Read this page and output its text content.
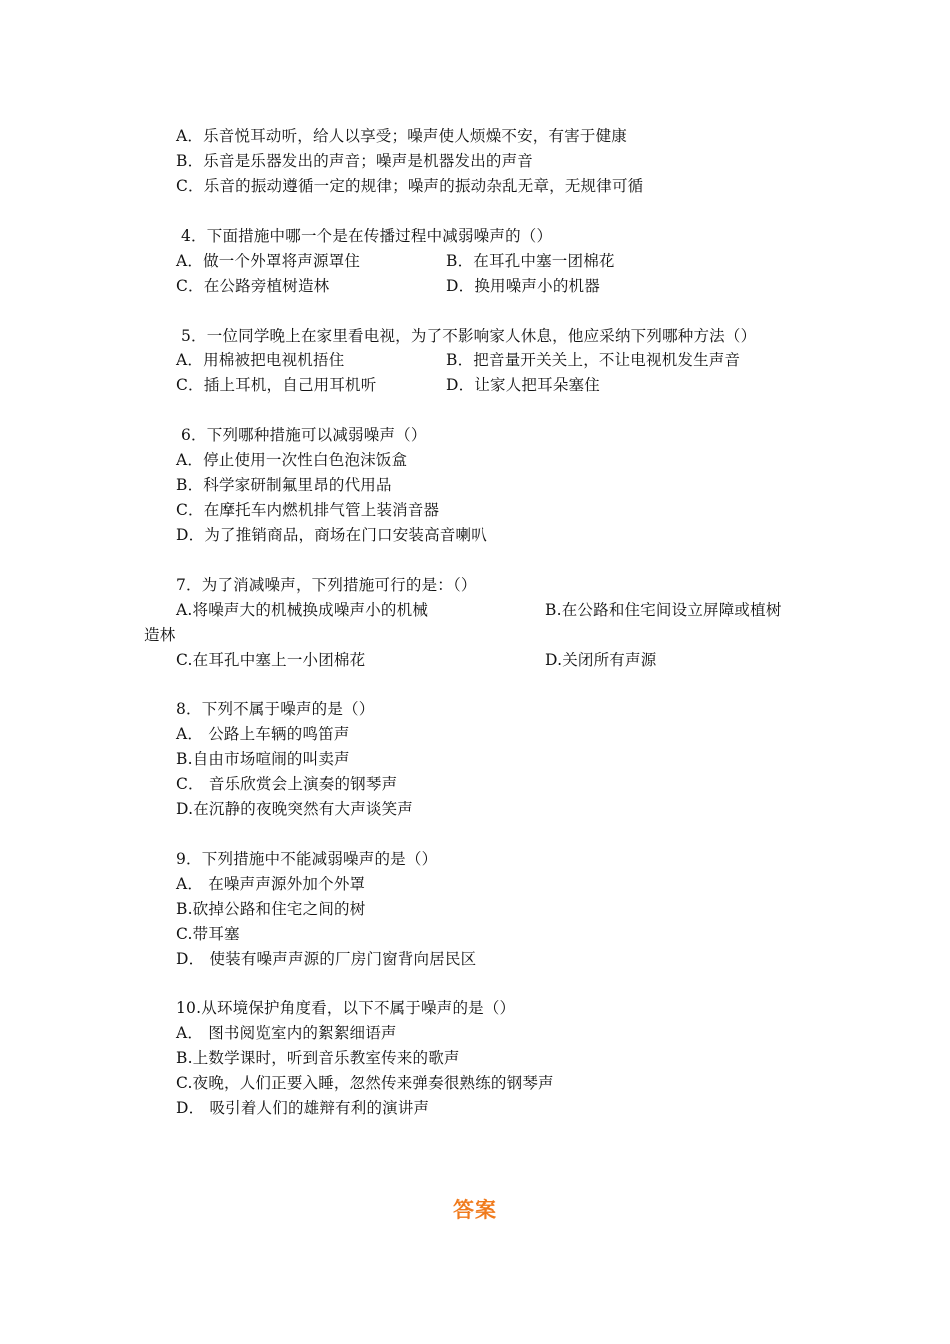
A．乐音悦耳动听，给人以享受；噪声使人烦燥不安，有害于健康
B．乐音是乐器发出的声音；噪声是机器发出的声音
C．乐音的振动遵循一定的规律；噪声的振动杂乱无章，无规律可循
4．下面措施中哪一个是在传播过程中减弱噪声的（）
A．做一个外罩将声源罩住	B．在耳孔中塞一团棉花
C．在公路旁植树造林	D．换用噪声小的机器
5．一位同学晚上在家里看电视，为了不影响家人休息，他应采纳下列哪种方法（）
A．用棉被把电视机捂住	B．把音量开关关上，不让电视机发生声音
C．插上耳机，自己用耳机听	D．让家人把耳朵塞住
6．下列哪种措施可以减弱噪声（）
A．停止使用一次性白色泡沫饭盒
B．科学家研制氟里昂的代用品
C．在摩托车内燃机排气管上装消音器
D．为了推销商品，商场在门口安装高音喇叭
7．为了消减噪声，下列措施可行的是：（）
A.将噪声大的机械换成噪声小的机械	B.在公路和住宅间设立屏障或植树
造林
C.在耳孔中塞上一小团棉花	D.关闭所有声源
8．下列不属于噪声的是（）
A． 公路上车辆的鸣笛声
B.自由市场喧闹的叫卖声
C． 音乐欣赏会上演奏的钢琴声
D.在沉静的夜晚突然有大声谈笑声
9．下列措施中不能减弱噪声的是（）
A． 在噪声声源外加个外罩
B.砍掉公路和住宅之间的树
C.带耳塞
D． 使装有噪声声源的厂房门窗背向居民区
10.从环境保护角度看，以下不属于噪声的是（）
A． 图书阅览室内的絮絮细语声
B.上数学课时，听到音乐教室传来的歌声
C.夜晚，人们正要入睡，忽然传来弹奏很熟练的钢琴声
D． 吸引着人们的雄辩有利的演讲声
答案
